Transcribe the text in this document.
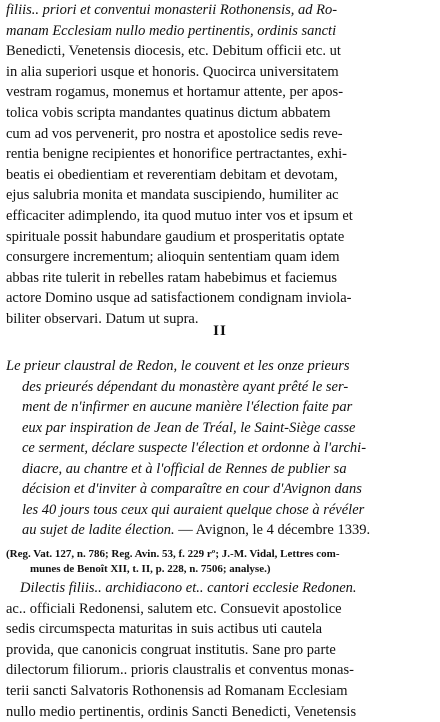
filiis.. priori et conventui monasterii Rothonensis, ad Ro-
manam Ecclesiam nullo medio pertinentis, ordinis sancti
Benedicti, Venetensis diocesis, etc. Debitum officii etc. ut
in alia superiori usque et honoris. Quocirca universitatem
vestram rogamus, monemus et hortamur attente, per apos-
tolica vobis scripta mandantes quatinus dictum abbatem
cum ad vos pervenerit, pro nostra et apostolice sedis reve-
rentia benigne recipientes et honorifice pertractantes, exhi-
beatis ei obedientiam et reverentiam debitam et devotam,
ejus salubria monita et mandata suscipiendo, humiliter ac
efficaciter adimplendo, ita quod mutuo inter vos et ipsum et
spirituale possit habundare gaudium et prosperitatis optate
consurgere incrementum; alioquin sententiam quam idem
abbas rite tulerit in rebelles ratam habebimus et faciemus
actore Domino usque ad satisfactionem condignam inviola-
biliter observari. Datum ut supra.
II
Le prieur claustral de Redon, le couvent et les onze prieurs
des prieurés dépendant du monastère ayant prêté le ser-
ment de n'infirmer en aucune manière l'élection faite par
eux par inspiration de Jean de Tréal, le Saint-Siège casse
ce serment, déclare suspecte l'élection et ordonne à l'archi-
diacre, au chantre et à l'official de Rennes de publier sa
décision et d'inviter à comparaître en cour d'Avignon dans
les 40 jours tous ceux qui auraient quelque chose à révéler
au sujet de ladite élection. — Avignon, le 4 décembre 1339.
(Reg. Vat. 127, n. 786; Reg. Avin. 53, f. 229 rº; J.-M. Vidal, Lettres com-
munes de Benoît XII, t. II, p. 228, n. 7506; analyse.)
Dilectis filiis.. archidiacono et.. cantori ecclesie Redonen.
ac.. officiali Redonensi, salutem etc. Consuevit apostolice
sedis circumspecta maturitas in suis actibus uti cautela
provida, que canonicis congruat institutis. Sane pro parte
dilectorum filiorum.. prioris claustralis et conventus monas-
terii sancti Salvatoris Rothonensis ad Romanam Ecclesiam
nullo medio pertinentis, ordinis Sancti Benedicti, Venetensis
